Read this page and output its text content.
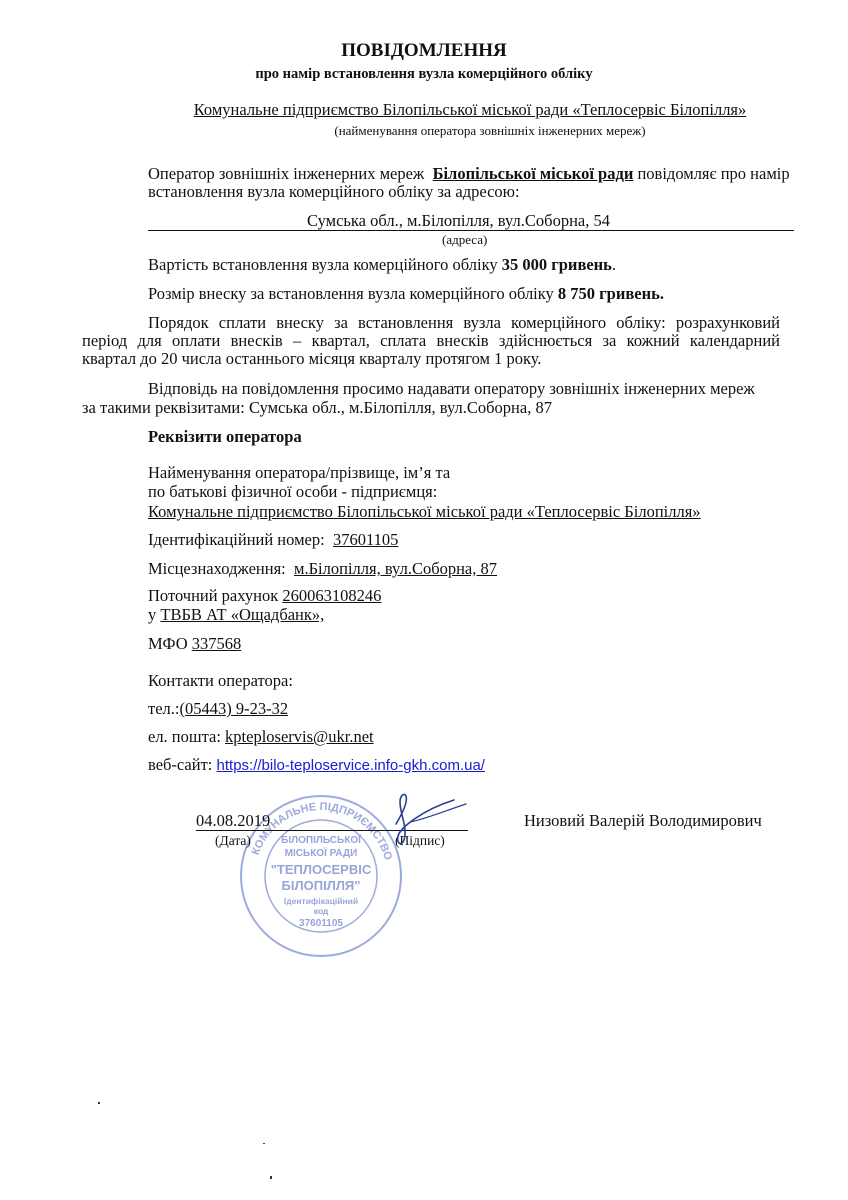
ПОВІДОМЛЕННЯ
про намір встановлення вузла комерційного обліку
Комунальне підприємство Білопільської міської ради «Теплосервіс Білопілля»
(найменування оператора зовнішніх інженерних мереж)
Оператор зовнішніх інженерних мереж Білопільської міської ради повідомляє про намір
встановлення вузла комерційного обліку за адресою:
Сумська обл., м.Білопілля, вул.Соборна, 54
(адреса)
Вартість встановлення вузла комерційного обліку 35 000 гривень.
Розмір внеску за встановлення вузла комерційного обліку 8 750 гривень.
Порядок сплати внеску за встановлення вузла комерційного обліку: розрахунковий
період для оплати внесків – квартал, сплата внесків здійснюється за кожний календарний
квартал до 20 числа останнього місяця кварталу протягом 1 року.
Відповідь на повідомлення просимо надавати оператору зовнішніх інженерних мереж
за такими реквізитами: Сумська обл., м.Білопілля, вул.Соборна, 87
Реквізити оператора
Найменування оператора/прізвище, ім’я та
по батькові фізичної особи - підприємця:
Комунальне підприємство Білопільської міської ради «Теплосервіс Білопілля»
Ідентифікаційний номер: 37601105
Місцезнаходження: м.Білопілля, вул.Соборна, 87
Поточний рахунок 260063108246
у ТВБВ АТ «Ощадбанк»,
МФО 337568
Контакти оператора:
тел.:(05443) 9-23-32
ел. пошта: kpteploservis@ukr.net
веб-сайт: https://bilo-teploservice.info-gkh.com.ua/
КОМУНАЛЬНЕ ПІДПРИЄМСТВО
БІЛОПІЛЬСЬКОЇ
МІСЬКОЇ РАДИ
"ТЕПЛОСЕРВІС
БІЛОПІЛЛЯ"
Ідентифікаційний
код
37601105
04.08.2019
(Дата)	(Підпис)
Низовий Валерій Володимирович
